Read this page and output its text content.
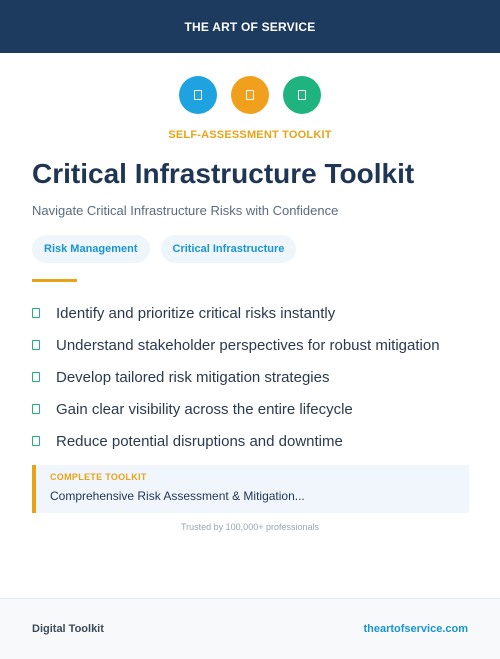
THE ART OF SERVICE
SELF-ASSESSMENT TOOLKIT
Critical Infrastructure Toolkit
Navigate Critical Infrastructure Risks with Confidence
Risk Management	Critical Infrastructure
Identify and prioritize critical risks instantly
Understand stakeholder perspectives for robust mitigation
Develop tailored risk mitigation strategies
Gain clear visibility across the entire lifecycle
Reduce potential disruptions and downtime
COMPLETE TOOLKIT
Comprehensive Risk Assessment & Mitigation...
Trusted by 100,000+ professionals
Digital Toolkit	theartofservice.com
